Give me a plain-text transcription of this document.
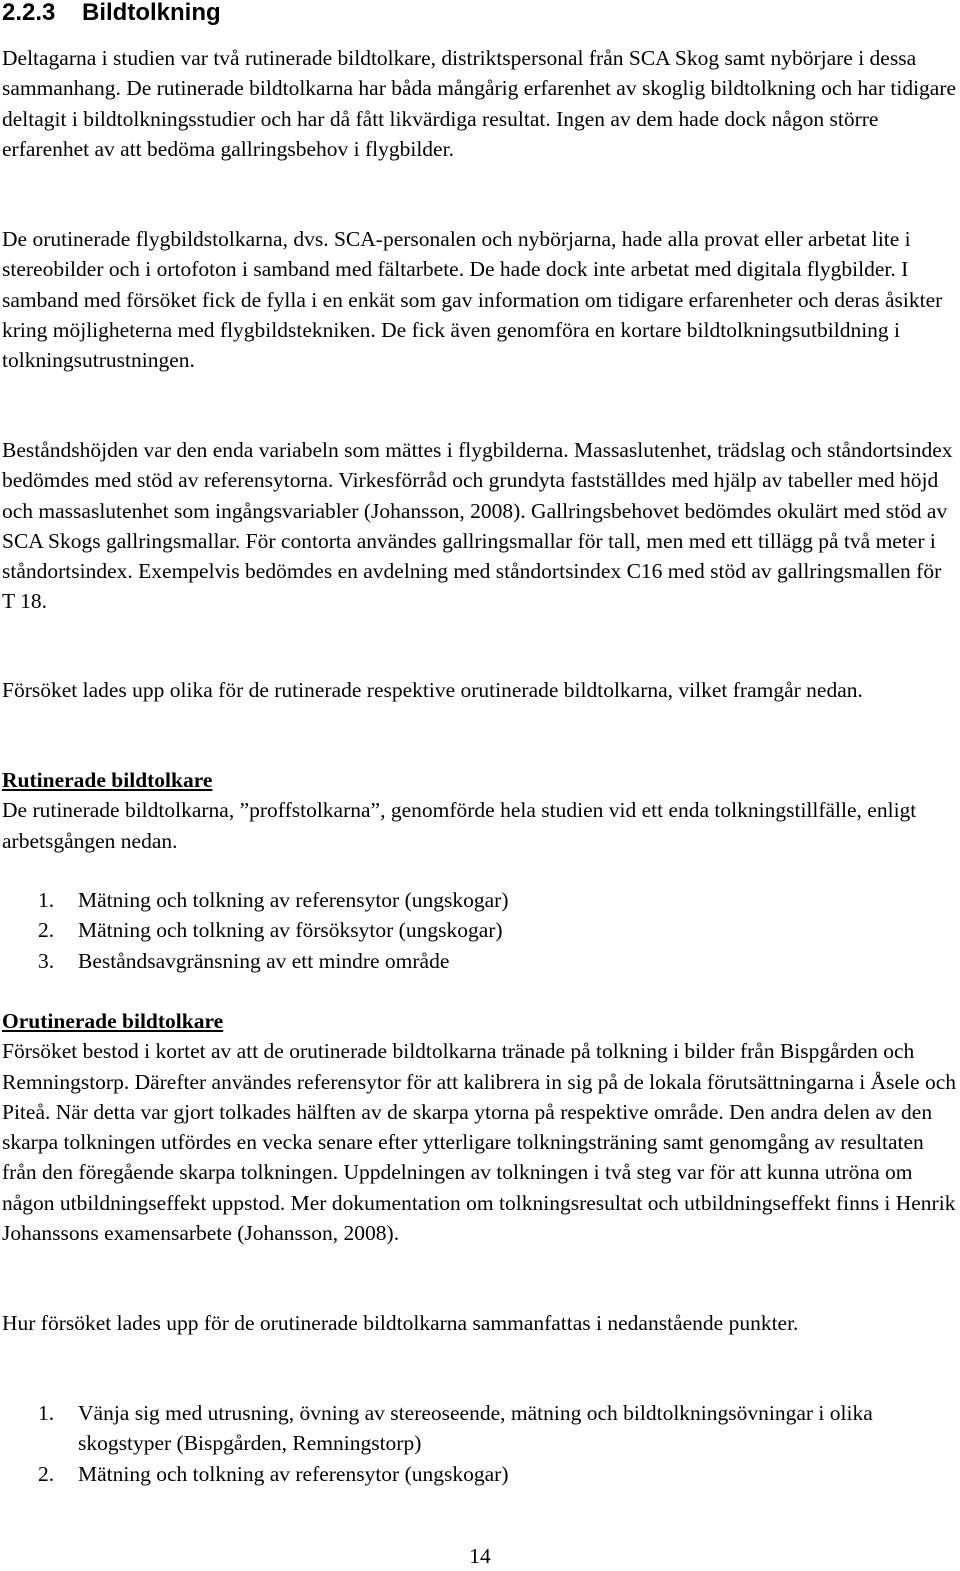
2.2.3 Bildtolkning

Deltagarna i studien var två rutinerade bildtolkare, distriktspersonal från SCA Skog samt nybörjare i dessa sammanhang. De rutinerade bildtolkarna har båda mångårig erfarenhet av skoglig bildtolkning och har tidigare deltagit i bildtolkningsstudier och har då fått likvärdiga resultat. Ingen av dem hade dock någon större erfarenhet av att bedöma gallringsbehov i flygbilder.

De orutinerade flygbildstolkarna, dvs. SCA-personalen och nybörjarna, hade alla provat eller arbetat lite i stereobilder och i ortofoton i samband med fältarbete. De hade dock inte arbetat med digitala flygbilder. I samband med försöket fick de fylla i en enkät som gav information om tidigare erfarenheter och deras åsikter kring möjligheterna med flygbildstekniken. De fick även genomföra en kortare bildtolkningsutbildning i tolkningsutrustningen.

Beståndshöjden var den enda variabeln som mättes i flygbilderna. Massaslutenhet, trädslag och ståndortsindex bedömdes med stöd av referensytorna. Virkesförråd och grundyta fastställdes med hjälp av tabeller med höjd och massaslutenhet som ingångsvariabler (Johansson, 2008). Gallringsbehovet bedömdes okulärt med stöd av SCA Skogs gallringsmallar. För contorta användes gallringsmallar för tall, men med ett tillägg på två meter i ståndortsindex. Exempelvis bedömdes en avdelning med ståndortsindex C16 med stöd av gallringsmallen för T 18.

Försöket lades upp olika för de rutinerade respektive orutinerade bildtolkarna, vilket framgår nedan.

Rutinerade bildtolkare
De rutinerade bildtolkarna, ”proffstolkarna”, genomförde hela studien vid ett enda tolkningstillfälle, enligt arbetsgången nedan.
1. Mätning och tolkning av referensytor (ungskogar)
2. Mätning och tolkning av försöksytor (ungskogar)
3. Beståndsavgränsning av ett mindre område
Orutinerade bildtolkare
Försöket bestod i kortet av att de orutinerade bildtolkarna tränade på tolkning i bilder från Bispgården och Remningstorp. Därefter användes referensytor för att kalibrera in sig på de lokala förutsättningarna i Åsele och Piteå. När detta var gjort tolkades hälften av de skarpa ytorna på respektive område. Den andra delen av den skarpa tolkningen utfördes en vecka senare efter ytterligare tolkningsträning samt genomgång av resultaten från den föregående skarpa tolkningen. Uppdelningen av tolkningen i två steg var för att kunna utröna om någon utbildningseffekt uppstod. Mer dokumentation om tolkningsresultat och utbildningseffekt finns i Henrik Johanssons examensarbete (Johansson, 2008).

Hur försöket lades upp för de orutinerade bildtolkarna sammanfattas i nedanstående punkter.

1. Vänja sig med utrusning, övning av stereoseende, mätning och bildtolkningsövningar i olika skogstyper (Bispgården, Remningstorp)
2. Mätning och tolkning av referensytor (ungskogar)
14
